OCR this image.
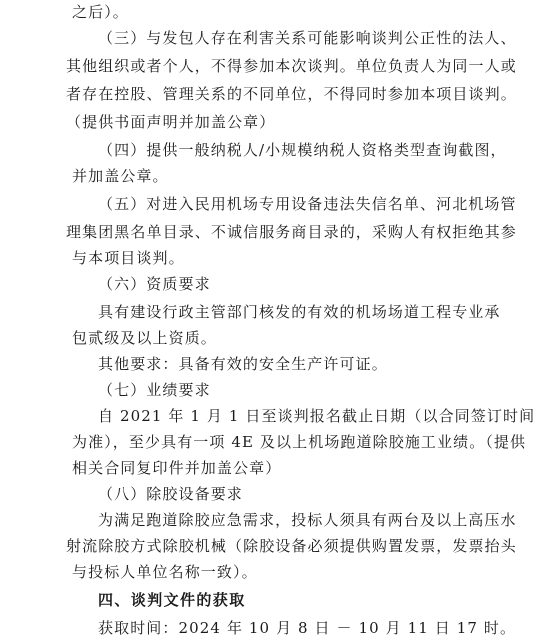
之后）。
（三）与发包人存在利害关系可能影响谈判公正性的法人、
其他组织或者个人，不得参加本次谈判。单位负责人为同一人或
者存在控股、管理关系的不同单位，不得同时参加本项目谈判。
（提供书面声明并加盖公章）
（四）提供一般纳税人/小规模纳税人资格类型查询截图，
并加盖公章。
（五）对进入民用机场专用设备违法失信名单、河北机场管
理集团黑名单目录、不诚信服务商目录的，采购人有权拒绝其参
与本项目谈判。
（六）资质要求
具有建设行政主管部门核发的有效的机场场道工程专业承
包贰级及以上资质。
其他要求：具备有效的安全生产许可证。
（七）业绩要求
自 2021 年 1 月 1 日至谈判报名截止日期（以合同签订时间
为准），至少具有一项 4E 及以上机场跑道除胶施工业绩。（提供
相关合同复印件并加盖公章）
（八）除胶设备要求
为满足跑道除胶应急需求，投标人须具有两台及以上高压水
射流除胶方式除胶机械（除胶设备必须提供购置发票，发票抬头
与投标人单位名称一致）。
四、谈判文件的获取
获取时间：2024 年 10 月 8 日 － 10 月 11 日 17 时。
